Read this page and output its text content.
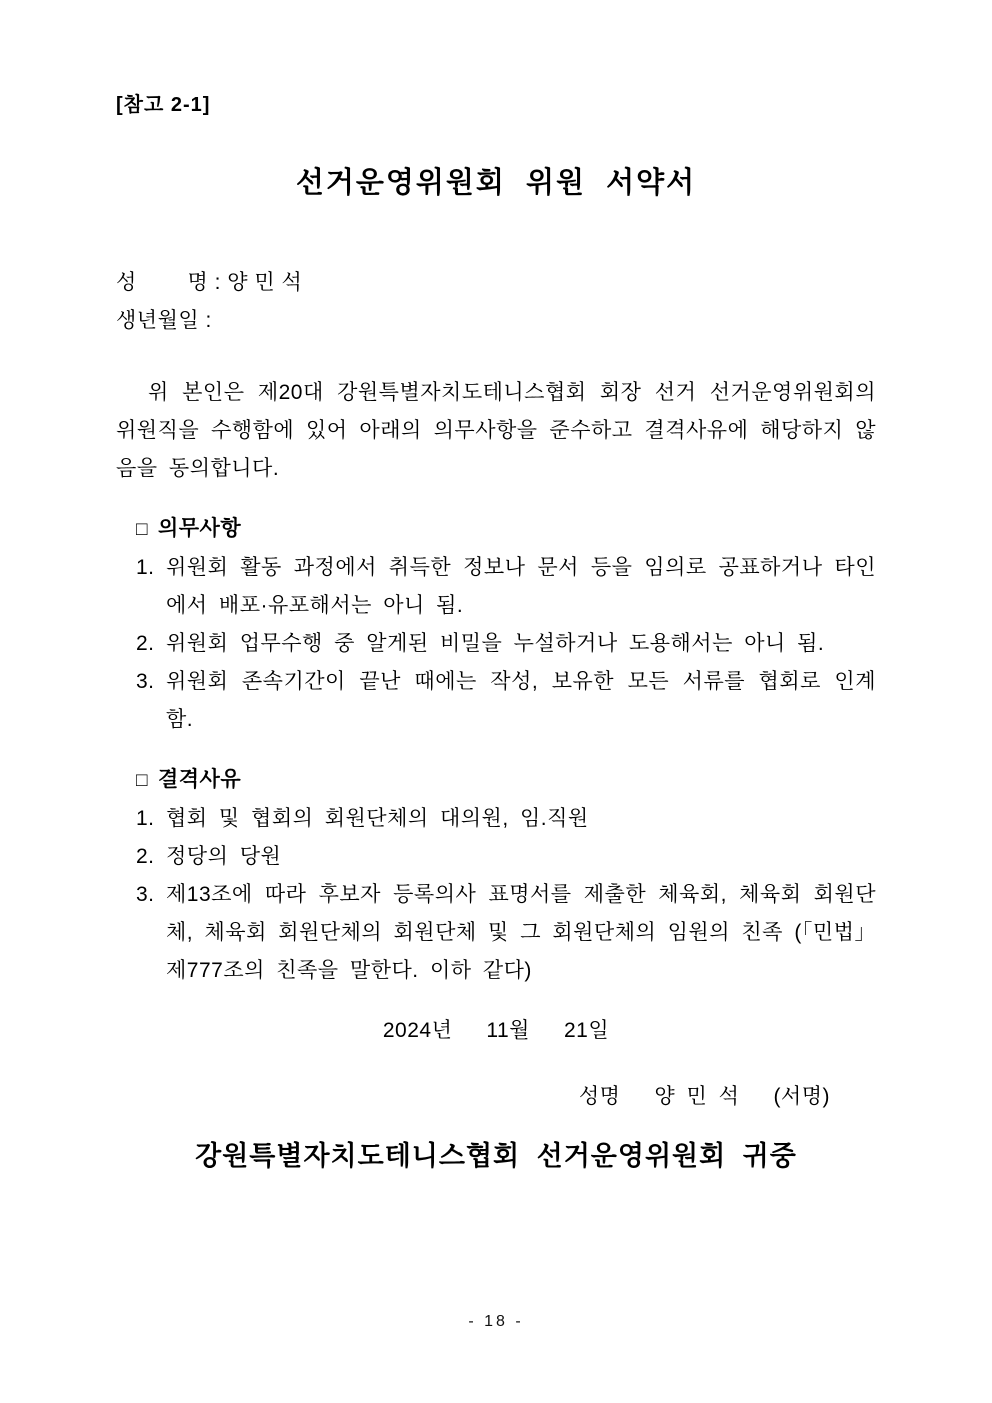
[참고 2-1]
선거운영위원회 위원 서약서
성        명 : 양 민 석
생년월일 :

위 본인은 제20대 강원특별자치도테니스협회 회장 선거 선거운영위원회의 위원직을 수행함에 있어 아래의 의무사항을 준수하고 결격사유에 해당하지 않음을 동의합니다.

□ 의무사항
1. 위원회 활동 과정에서 취득한 정보나 문서 등을 임의로 공표하거나 타인에서 배포·유포해서는 아니 됨.
2. 위원회 업무수행 중 알게된 비밀을 누설하거나 도용해서는 아니 됨.
3. 위원회 존속기간이 끝난 때에는 작성, 보유한 모든 서류를 협회로 인계함.
□ 결격사유
1. 협회 및 협회의 회원단체의 대의원, 임.직원
2. 정당의 당원
3. 제13조에 따라 후보자 등록의사 표명서를 제출한 체육회, 체육회 회원단체, 체육회 회원단체의 회원단체 및 그 회원단체의 임원의 친족 (「민법」 제777조의 친족을 말한다. 이하 같다)
2024년   11월   21일
성명 양 민 석 (서명)
강원특별자치도테니스협회 선거운영위원회 귀중
- 18 -
